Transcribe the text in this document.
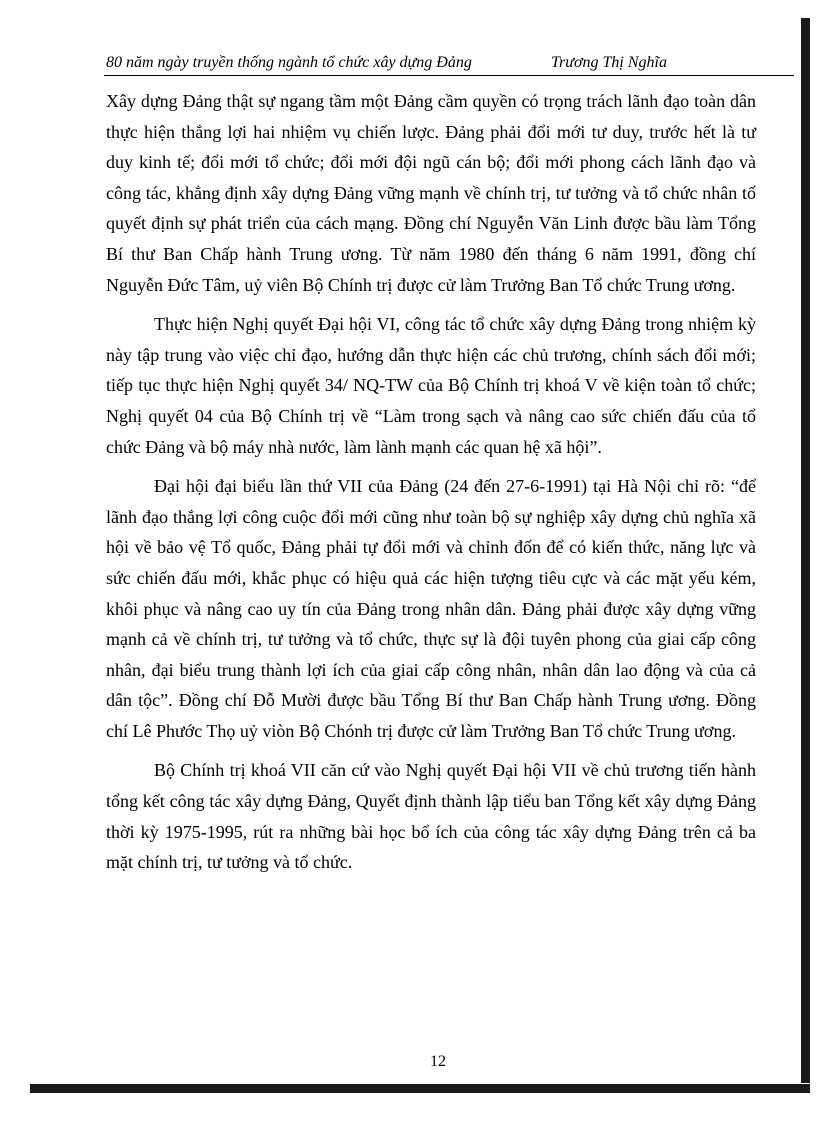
80 năm ngày truyền thống ngành tổ chức xây dựng Đảng	Trương Thị Nghĩa

Xây dựng Đảng thật sự ngang tầm một Đảng cầm quyền có trọng trách lãnh đạo toàn dân thực hiện thắng lợi hai nhiệm vụ chiến lược. Đảng phải đổi mới tư duy, trước hết là tư duy kinh tế; đổi mới tổ chức; đổi mới đội ngũ cán bộ; đổi mới phong cách lãnh đạo và công tác, khẳng định xây dựng Đảng vững mạnh về chính trị, tư tưởng và tổ chức nhân tố quyết định sự phát triển của cách mạng. Đồng chí Nguyễn Văn Linh được bầu làm Tổng Bí thư Ban Chấp hành Trung ương. Từ năm 1980 đến tháng 6 năm 1991, đồng chí Nguyễn Đức Tâm, uỷ viên Bộ Chính trị được cử làm Trưởng Ban Tổ chức Trung ương.

Thực hiện Nghị quyết Đại hội VI, công tác tổ chức xây dựng Đảng trong nhiệm kỳ này tập trung vào việc chỉ đạo, hướng dẫn thực hiện các chủ trương, chính sách đổi mới; tiếp tục thực hiện Nghị quyết 34/ NQ-TW của Bộ Chính trị khoá V về kiện toàn tổ chức; Nghị quyết 04 của Bộ Chính trị về “Làm trong sạch và nâng cao sức chiến đấu của tổ chức Đảng và bộ máy nhà nước, làm lành mạnh các quan hệ xã hội”.

Đại hội đại biểu lần thứ VII của Đảng (24 đến 27-6-1991) tại Hà Nội chỉ rõ: “để lãnh đạo thắng lợi công cuộc đổi mới cũng như toàn bộ sự nghiệp xây dựng chủ nghĩa xã hội về bảo vệ Tổ quốc, Đảng phải tự đổi mới và chỉnh đốn để có kiến thức, năng lực và sức chiến đấu mới, khắc phục có hiệu quả các hiện tượng tiêu cực và các mặt yếu kém, khôi phục và nâng cao uy tín của Đảng trong nhân dân. Đảng phải được xây dựng vững mạnh cả về chính trị, tư tưởng và tổ chức, thực sự là đội tuyên phong của giai cấp công nhân, đại biểu trung thành lợi ích của giai cấp công nhân, nhân dân lao động và của cả dân tộc”. Đồng chí Đỗ Mười được bầu Tổng Bí thư Ban Chấp hành Trung ương. Đồng chí Lê Phước Thọ uỷ viòn Bộ Chónh trị được cử làm Trưởng Ban Tổ chức Trung ương.

Bộ Chính trị khoá VII căn cứ vào Nghị quyết Đại hội VII về chủ trương tiến hành tổng kết công tác xây dựng Đảng, Quyết định thành lập tiểu ban Tổng kết xây dựng Đảng thời kỳ 1975-1995, rút ra những bài học bổ ích của công tác xây dựng Đảng trên cả ba mặt chính trị, tư tưởng và tổ chức.

12
